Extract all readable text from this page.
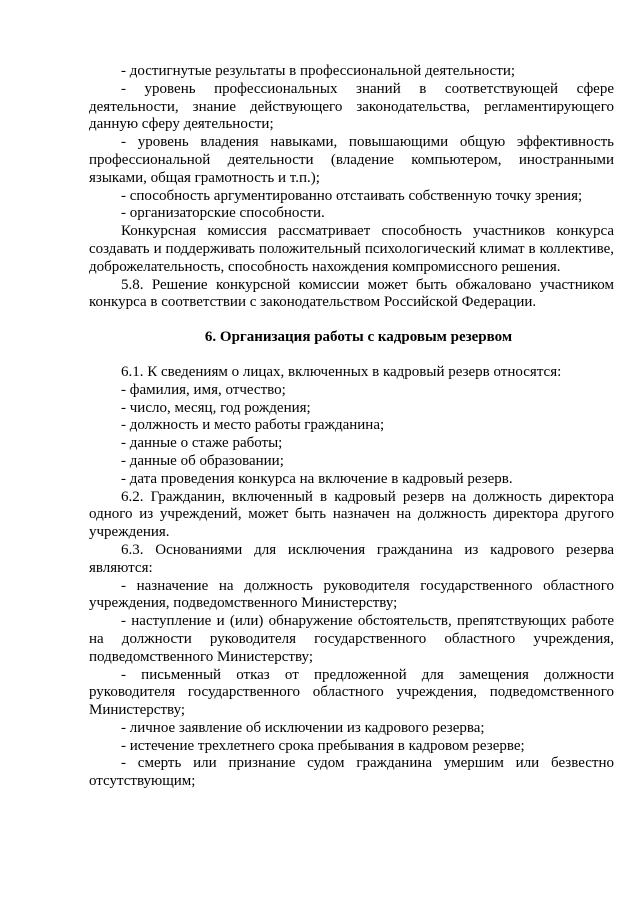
- достигнутые результаты в профессиональной деятельности;

- уровень профессиональных знаний в соответствующей сфере деятельности, знание действующего законодательства, регламентирующего данную сферу деятельности;

- уровень владения навыками, повышающими общую эффективность профессиональной деятельности (владение компьютером, иностранными языками, общая грамотность и т.п.);

- способность аргументированно отстаивать собственную точку зрения;

- организаторские способности.

Конкурсная комиссия рассматривает способность участников конкурса создавать и поддерживать положительный психологический климат в коллективе, доброжелательность, способность нахождения компромиссного решения.

5.8. Решение конкурсной комиссии может быть обжаловано участником конкурса в соответствии с законодательством Российской Федерации.

6. Организация работы с кадровым резервом

6.1. К сведениям о лицах, включенных в кадровый резерв относятся:

- фамилия, имя, отчество;

- число, месяц, год рождения;

- должность и место работы гражданина;

- данные о стаже работы;

- данные об образовании;

- дата проведения конкурса на включение в кадровый резерв.

6.2. Гражданин, включенный в кадровый резерв на должность директора одного из учреждений, может быть назначен на должность директора другого учреждения.

6.3. Основаниями для исключения гражданина из кадрового резерва являются:

- назначение на должность руководителя государственного областного учреждения, подведомственного Министерству;

- наступление и (или) обнаружение обстоятельств, препятствующих работе на должности руководителя государственного областного учреждения, подведомственного Министерству;

- письменный отказ от предложенной для замещения должности руководителя государственного областного учреждения, подведомственного Министерству;

- личное заявление об исключении из кадрового резерва;

- истечение трехлетнего срока пребывания в кадровом резерве;

- смерть или признание судом гражданина умершим или безвестно отсутствующим;
